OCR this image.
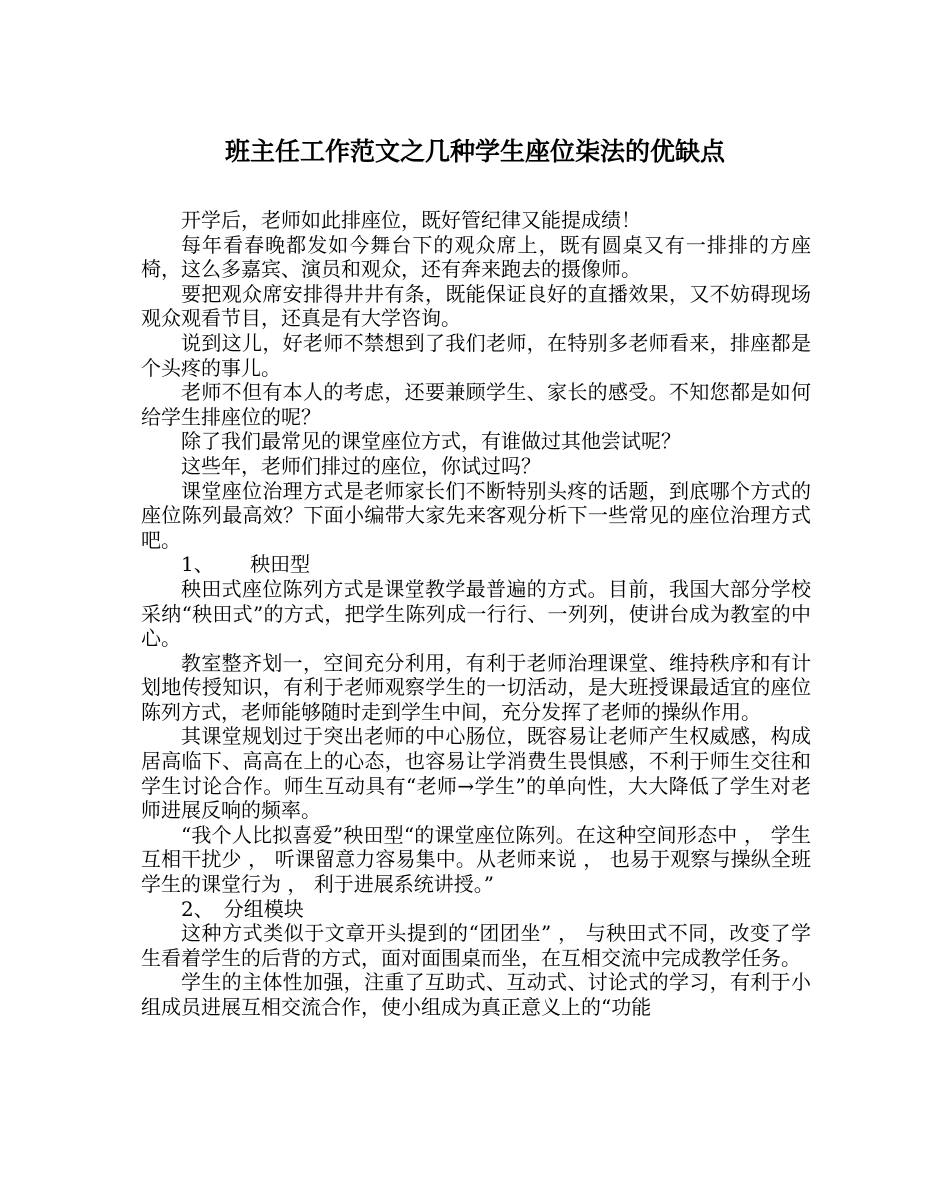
班主任工作范文之几种学生座位㭍法的优缺点

开学后，老师如此排座位，既好管纪律又能提成绩！

每年看春晚都发如今舞台下的观众席上，既有圆桌又有一排排的方座椅，这么多嘉宾、演员和观众，还有奔来跑去的摄像师。

要把观众席安排得井井有条，既能保证良好的直播效果，又不妨碍现场观众观看节目，还真是有大学咨询。

说到这儿，好老师不禁想到了我们老师，在特别多老师看来，排座都是个头疼的事儿。

老师不但有本人的考虑，还要兼顾学生、家长的感受。不知您都是如何给学生排座位的呢？

除了我们最常见的课堂座位方式，有谁做过其他尝试呢？

这些年，老师们排过的座位，你试过吗？

课堂座位治理方式是老师家长们不断特别头疼的话题，到底哪个方式的座位陈列最高效？下面小编带大家先来客观分析下一些常见的座位治理方式吧。

1、　　 秧田型

秧田式座位陈列方式是课堂教学最普遍的方式。目前，我国大部分学校采纳“秧田式”的方式，把学生陈列成一行行、一列列，使讲台成为教室的中心。

教室整齐划一，空间充分利用，有利于老师治理课堂、维持秩序和有计划地传授知识，有利于老师观察学生的一切活动，是大班授课最适宜的座位陈列方式，老师能够随时走到学生中间，充分发挥了老师的操纵作用。

其课堂规划过于突出老师的中心肠位，既容易让老师产生权威感，构成居高临下、高高在上的心态，也容易让学消费生畏惧感，不利于师生交往和学生讨论合作。师生互动具有“老师→学生”的单向性，大大降低了学生对老师进展反响的频率。

“我个人比拟喜爱”秧田型“的课堂座位陈列。在这种空间形态中 ， 学生互相干扰少 ， 听课留意力容易集中。从老师来说 ， 也易于观察与操纵全班学生的课堂行为 ， 利于进展系统讲授。”

2、　分组模块

这种方式类似于文章开头提到的“团团坐” ， 与秧田式不同，改变了学生看着学生的后背的方式，面对面围桌而坐，在互相交流中完成教学任务。

学生的主体性加强，注重了互助式、互动式、讨论式的学习，有利于小组成员进展互相交流合作，使小组成为真正意义上的“功能
